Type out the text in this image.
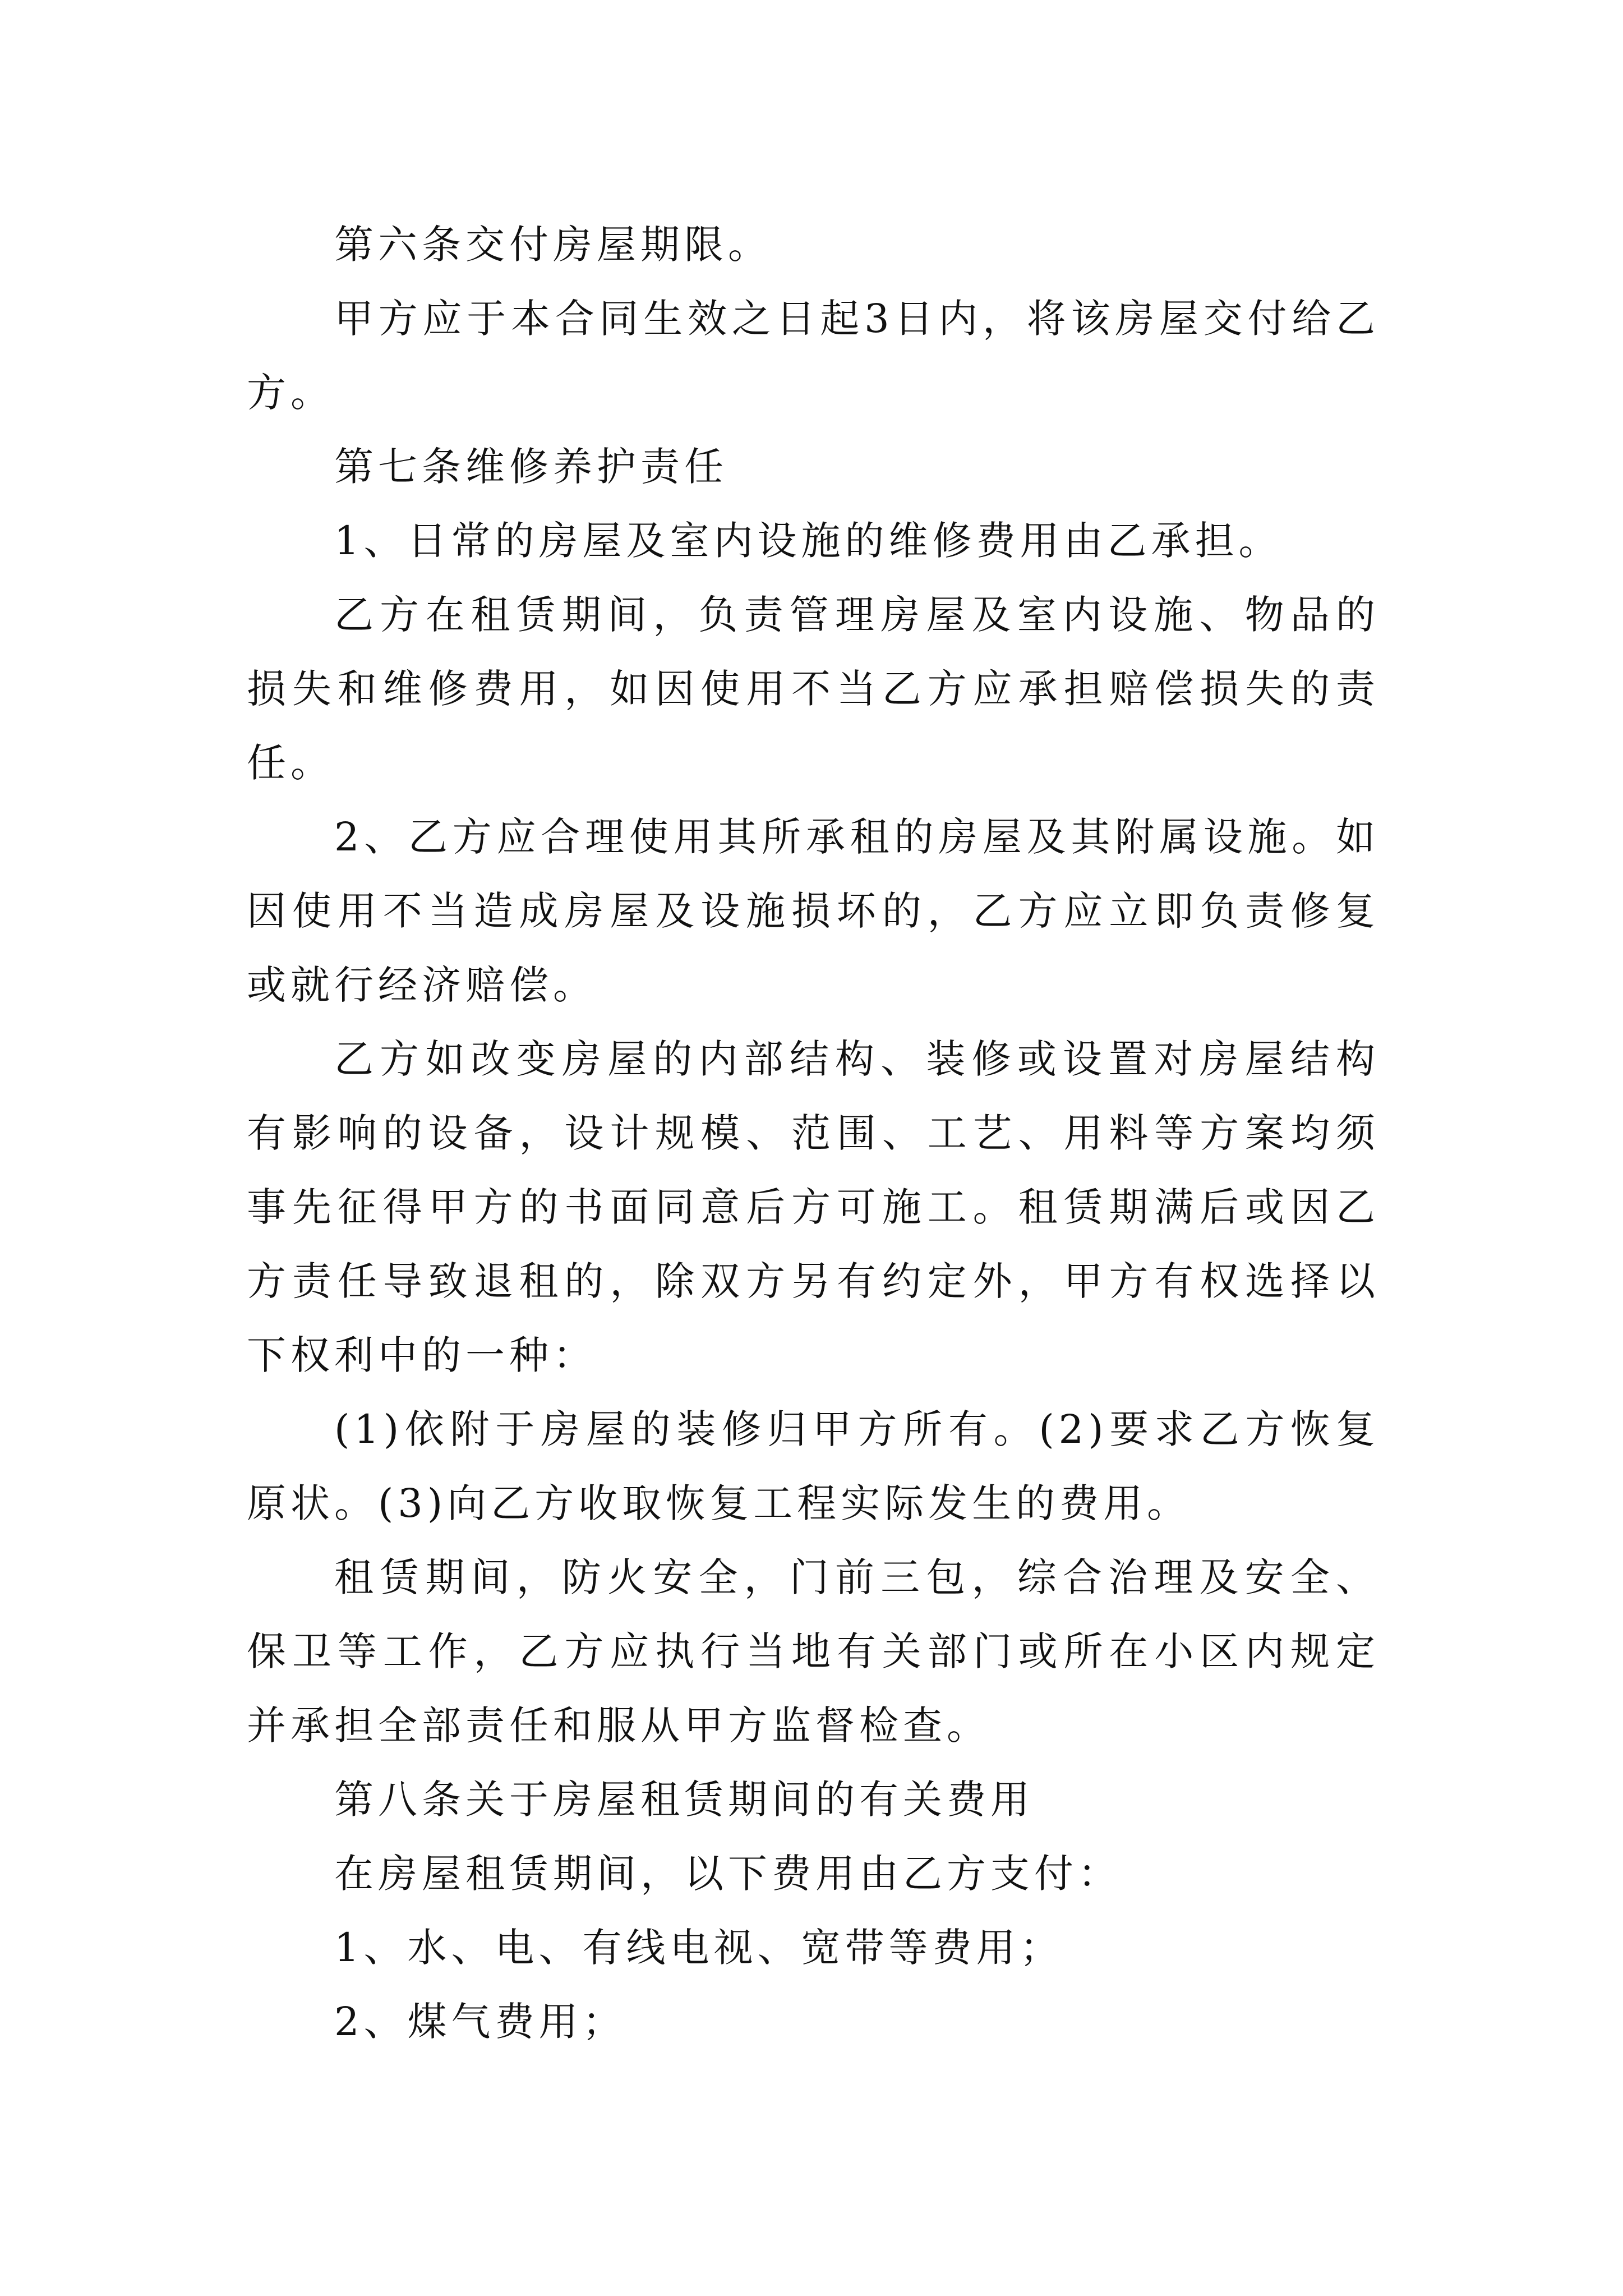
第六条交付房屋期限。

甲方应于本合同生效之日起3日内，将该房屋交付给乙方。

第七条维修养护责任

1、日常的房屋及室内设施的维修费用由乙承担。

乙方在租赁期间，负责管理房屋及室内设施、物品的损失和维修费用，如因使用不当乙方应承担赔偿损失的责任。

2、乙方应合理使用其所承租的房屋及其附属设施。如因使用不当造成房屋及设施损坏的，乙方应立即负责修复或就行经济赔偿。

乙方如改变房屋的内部结构、装修或设置对房屋结构有影响的设备，设计规模、范围、工艺、用料等方案均须事先征得甲方的书面同意后方可施工。租赁期满后或因乙方责任导致退租的，除双方另有约定外，甲方有权选择以下权利中的一种：

(1)依附于房屋的装修归甲方所有。(2)要求乙方恢复原状。(3)向乙方收取恢复工程实际发生的费用。

租赁期间，防火安全，门前三包，综合治理及安全、保卫等工作，乙方应执行当地有关部门或所在小区内规定并承担全部责任和服从甲方监督检查。

第八条关于房屋租赁期间的有关费用

在房屋租赁期间，以下费用由乙方支付：

1、水、电、有线电视、宽带等费用；

2、煤气费用；
